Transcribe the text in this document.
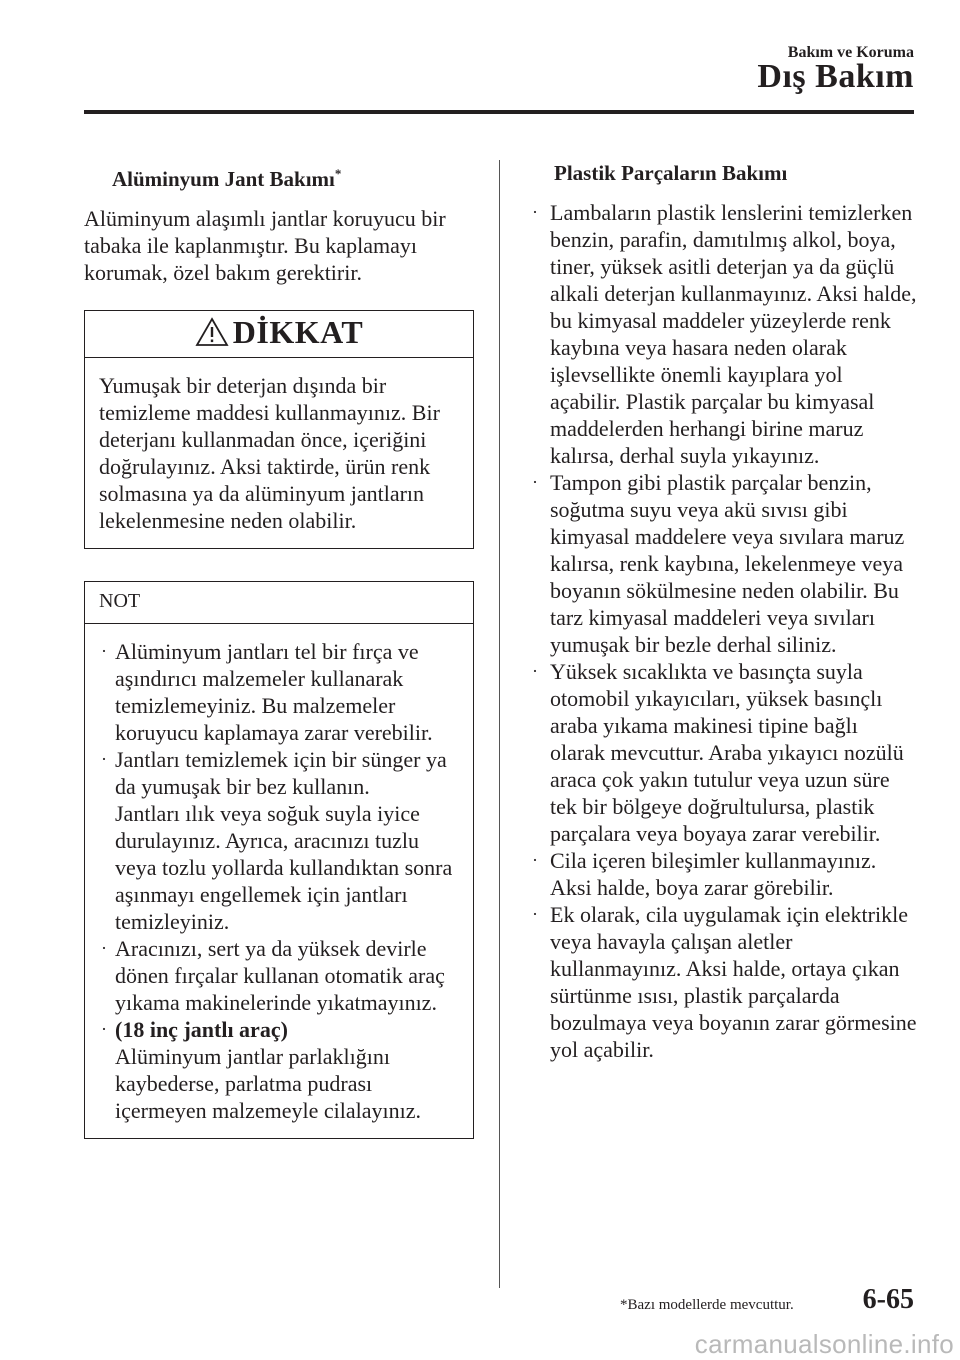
Bakım ve Koruma
Dış Bakım
Alüminyum Jant Bakımı*

Alüminyum alaşımlı jantlar koruyucu bir tabaka ile kaplanmıştır. Bu kaplamayı korumak, özel bakım gerektirir.

DİKKAT
Yumuşak bir deterjan dışında bir temizleme maddesi kullanmayınız. Bir deterjanı kullanmadan önce, içeriğini doğrulayınız. Aksi taktirde, ürün renk solmasına ya da alüminyum jantların lekelenmesine neden olabilir.
NOT
· Alüminyum jantları tel bir fırça ve aşındırıcı malzemeler kullanarak temizlemeyiniz. Bu malzemeler koruyucu kaplamaya zarar verebilir.
· Jantları temizlemek için bir sünger ya da yumuşak bir bez kullanın.
Jantları ılık veya soğuk suyla iyice durulayınız. Ayrıca, aracınızı tuzlu veya tozlu yollarda kullandıktan sonra aşınmayı engellemek için jantları temizleyiniz.
· Aracınızı, sert ya da yüksek devirle dönen fırçalar kullanan otomatik araç yıkama makinelerinde yıkatmayınız.
· (18 inç jantlı araç)
Alüminyum jantlar parlaklığını kaybederse, parlatma pudrası içermeyen malzemeyle cilalayınız.
Plastik Parçaların Bakımı
· Lambaların plastik lenslerini temizlerken benzin, parafin, damıtılmış alkol, boya, tiner, yüksek asitli deterjan ya da güçlü alkali deterjan kullanmayınız. Aksi halde, bu kimyasal maddeler yüzeylerde renk kaybına veya hasara neden olarak işlevsellikte önemli kayıplara yol açabilir. Plastik parçalar bu kimyasal maddelerden herhangi birine maruz kalırsa, derhal suyla yıkayınız.
· Tampon gibi plastik parçalar benzin, soğutma suyu veya akü sıvısı gibi kimyasal maddelere veya sıvılara maruz kalırsa, renk kaybına, lekelenmeye veya boyanın sökülmesine neden olabilir. Bu tarz kimyasal maddeleri veya sıvıları yumuşak bir bezle derhal siliniz.
· Yüksek sıcaklıkta ve basınçta suyla otomobil yıkayıcıları, yüksek basınçlı araba yıkama makinesi tipine bağlı olarak mevcuttur. Araba yıkayıcı nozülü araca çok yakın tutulur veya uzun süre tek bir bölgeye doğrultulursa, plastik parçalara veya boyaya zarar verebilir.
· Cila içeren bileşimler kullanmayınız. Aksi halde, boya zarar görebilir.
· Ek olarak, cila uygulamak için elektrikle veya havayla çalışan aletler kullanmayınız. Aksi halde, ortaya çıkan sürtünme ısısı, plastik parçalarda bozulmaya veya boyanın zarar görmesine yol açabilir.
*Bazı modellerde mevcuttur. 6-65
carmanualsonline.info
